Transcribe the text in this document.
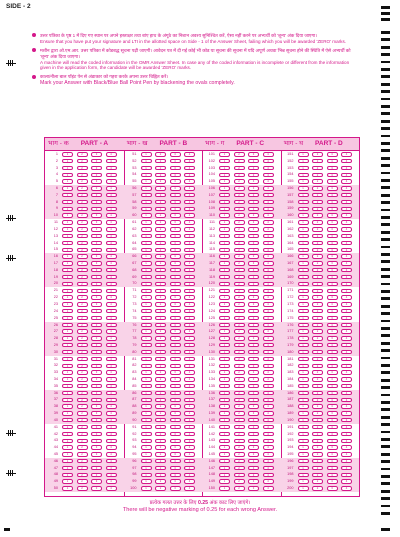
SIDE - 2
उत्तर पत्रिका के पृष्ठ 1 में दिए गए स्थान पर अपने हस्ताक्षर तथा बांए हाथ के अंगूठे का निशान अवश्य सुनिश्चित करें, ऐसा नहीं करने पर अभ्यर्थी को 'शून्य' अंक दिया जाएगा।
Ensure that you have put your signature and LTI in the allotted space on Side - 1 of the Answer Sheet, failing which you will be awarded 'ZERO' marks.
मशीन द्वारा ओ.एम.आर. उत्तर पत्रिका में कोडबद्ध सूचना पढ़ी जाएगी। आवेदन पत्र में दी गई कोई भी कोड या सूचना की सूचना में यदि अपूर्ण अथवा भिन्न सूचना होने की स्थिति में ऐसे अभ्यर्थी को 'शून्य' अंक दिया जाएगा।
A machine will read the coded information in the OMR Answer Sheet. In case any of the coded information is incomplete or different from the information given in the application form, the candidate will be awarded 'ZERO' marks.
काला/नीला बाल पॉइंट पेन से अंडाकार को गहरा करके अपना उत्तर चिह्नित करें।
Mark your Answer with Black/Blue Ball Point Pen by blackening the ovals completely.
भाग - क PART - A
1	1	2	3	4
2	1	2	3	4
3	1	2	3	4
4	1	2	3	4
5	1	2	3	4
6	1	2	3	4
7	1	2	3	4
8	1	2	3	4
9	1	2	3	4
10	1	2	3	4
11	1	2	3	4
12	1	2	3	4
13	1	2	3	4
14	1	2	3	4
15	1	2	3	4
16	1	2	3	4
17	1	2	3	4
18	1	2	3	4
19	1	2	3	4
20	1	2	3	4
21	1	2	3	4
22	1	2	3	4
23	1	2	3	4
24	1	2	3	4
25	1	2	3	4
26	1	2	3	4
27	1	2	3	4
28	1	2	3	4
29	1	2	3	4
30	1	2	3	4
31	1	2	3	4
32	1	2	3	4
33	1	2	3	4
34	1	2	3	4
35	1	2	3	4
36	1	2	3	4
37	1	2	3	4
38	1	2	3	4
39	1	2	3	4
40	1	2	3	4
41	1	2	3	4
42	1	2	3	4
43	1	2	3	4
44	1	2	3	4
45	1	2	3	4
46	1	2	3	4
47	1	2	3	4
48	1	2	3	4
49	1	2	3	4
50	1	2	3	4
भाग - ख PART - B
51	1	2	3	4
52	1	2	3	4
53	1	2	3	4
54	1	2	3	4
55	1	2	3	4
56	1	2	3	4
57	1	2	3	4
58	1	2	3	4
59	1	2	3	4
60	1	2	3	4
61	1	2	3	4
62	1	2	3	4
63	1	2	3	4
64	1	2	3	4
65	1	2	3	4
66	1	2	3	4
67	1	2	3	4
68	1	2	3	4
69	1	2	3	4
70	1	2	3	4
71	1	2	3	4
72	1	2	3	4
73	1	2	3	4
74	1	2	3	4
75	1	2	3	4
76	1	2	3	4
77	1	2	3	4
78	1	2	3	4
79	1	2	3	4
80	1	2	3	4
81	1	2	3	4
82	1	2	3	4
83	1	2	3	4
84	1	2	3	4
85	1	2	3	4
86	1	2	3	4
87	1	2	3	4
88	1	2	3	4
89	1	2	3	4
90	1	2	3	4
91	1	2	3	4
92	1	2	3	4
93	1	2	3	4
94	1	2	3	4
95	1	2	3	4
96	1	2	3	4
97	1	2	3	4
98	1	2	3	4
99	1	2	3	4
100	1	2	3	4
भाग - ग PART - C
101	1	2	3	4
102	1	2	3	4
103	1	2	3	4
104	1	2	3	4
105	1	2	3	4
106	1	2	3	4
107	1	2	3	4
108	1	2	3	4
109	1	2	3	4
110	1	2	3	4
111	1	2	3	4
112	1	2	3	4
113	1	2	3	4
114	1	2	3	4
115	1	2	3	4
116	1	2	3	4
117	1	2	3	4
118	1	2	3	4
119	1	2	3	4
120	1	2	3	4
121	1	2	3	4
122	1	2	3	4
123	1	2	3	4
124	1	2	3	4
125	1	2	3	4
126	1	2	3	4
127	1	2	3	4
128	1	2	3	4
129	1	2	3	4
130	1	2	3	4
131	1	2	3	4
132	1	2	3	4
133	1	2	3	4
134	1	2	3	4
135	1	2	3	4
136	1	2	3	4
137	1	2	3	4
138	1	2	3	4
139	1	2	3	4
140	1	2	3	4
141	1	2	3	4
142	1	2	3	4
143	1	2	3	4
144	1	2	3	4
145	1	2	3	4
146	1	2	3	4
147	1	2	3	4
148	1	2	3	4
149	1	2	3	4
150	1	2	3	4
भाग - घ PART - D
151	1	2	3	4
152	1	2	3	4
153	1	2	3	4
154	1	2	3	4
155	1	2	3	4
156	1	2	3	4
157	1	2	3	4
158	1	2	3	4
159	1	2	3	4
160	1	2	3	4
161	1	2	3	4
162	1	2	3	4
163	1	2	3	4
164	1	2	3	4
165	1	2	3	4
166	1	2	3	4
167	1	2	3	4
168	1	2	3	4
169	1	2	3	4
170	1	2	3	4
171	1	2	3	4
172	1	2	3	4
173	1	2	3	4
174	1	2	3	4
175	1	2	3	4
176	1	2	3	4
177	1	2	3	4
178	1	2	3	4
179	1	2	3	4
180	1	2	3	4
181	1	2	3	4
182	1	2	3	4
183	1	2	3	4
184	1	2	3	4
185	1	2	3	4
186	1	2	3	4
187	1	2	3	4
188	1	2	3	4
189	1	2	3	4
190	1	2	3	4
191	1	2	3	4
192	1	2	3	4
193	1	2	3	4
194	1	2	3	4
195	1	2	3	4
196	1	2	3	4
197	1	2	3	4
198	1	2	3	4
199	1	2	3	4
200	1	2	3	4
प्रत्येक गलत उत्तर के लिए 0.25 अंक काट लिए जाएंगे।
There will be negative marking of 0.25 for each wrong Answer.
